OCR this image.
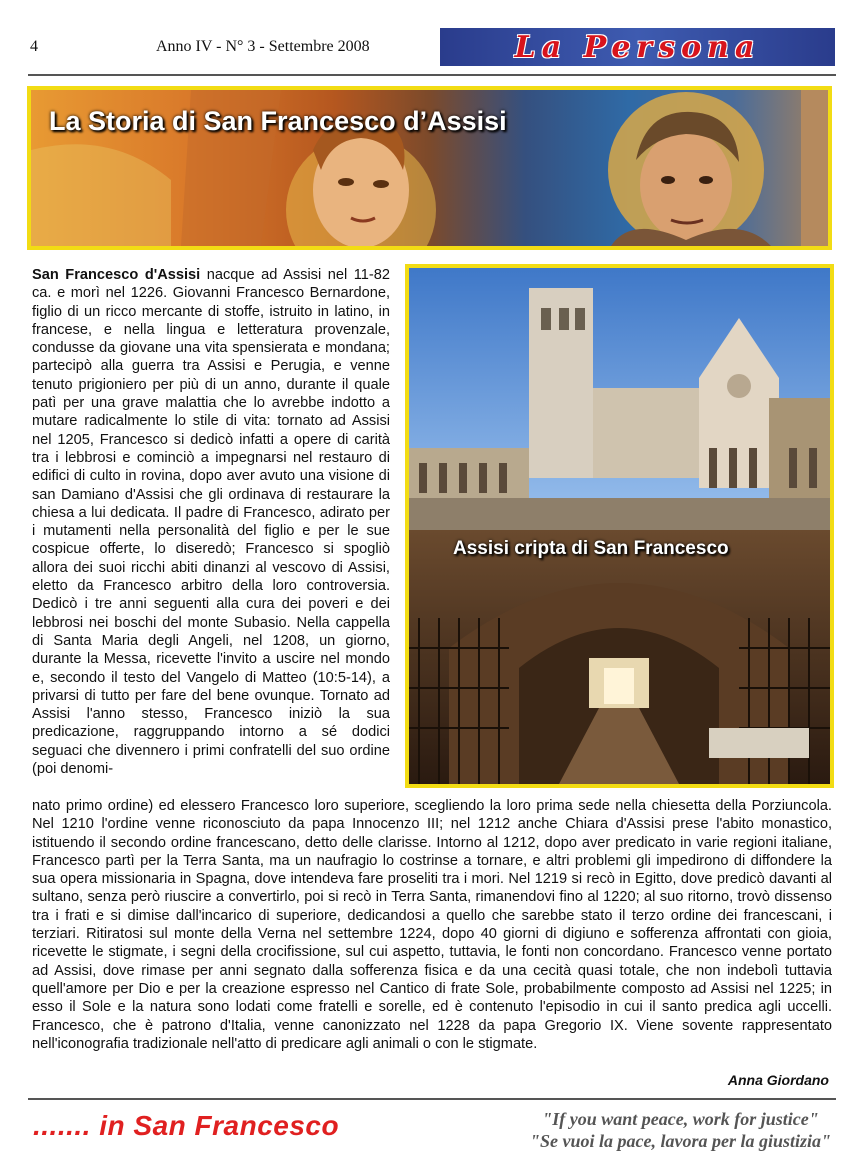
4	Anno IV - N° 3 - Settembre 2008	La Persona
La Storia di San Francesco d’Assisi
San Francesco d'Assisi nacque ad Assisi nel 11-82 ca. e morì nel 1226. Giovanni Francesco Bernardone, figlio di un ricco mercante di stoffe, istruito in latino, in francese, e nella lingua e letteratura provenzale, condusse da giovane una vita spensierata e mondana; partecipò alla guerra tra Assisi e Perugia, e venne tenuto prigioniero per più di un anno, durante il quale patì per una grave malattia che lo avrebbe indotto a mutare radicalmente lo stile di vita: tornato ad Assisi nel 1205, Francesco si dedicò infatti a opere di carità tra i lebbrosi e cominciò a impegnarsi nel restauro di edifici di culto in rovina, dopo aver avuto una visione di san Damiano d'Assisi che gli ordinava di restaurare la chiesa a lui dedicata. Il padre di Francesco, adirato per i mutamenti nella personalità del figlio e per le sue cospicue offerte, lo diseredò; Francesco si spogliò allora dei suoi ricchi abiti dinanzi al vescovo di Assisi, eletto da Francesco arbitro della loro controversia. Dedicò i tre anni seguenti alla cura dei poveri e dei lebbrosi nei boschi del monte Subasio. Nella cappella di Santa Maria degli Angeli, nel 1208, un giorno, durante la Messa, ricevette l'invito a uscire nel mondo e, secondo il testo del Vangelo di Matteo (10:5-14), a privarsi di tutto per fare del bene ovunque. Tornato ad Assisi l'anno stesso, Francesco iniziò la sua predicazione, raggruppando intorno a sé dodici seguaci che divennero i primi confratelli del suo ordine (poi denomi-
Assisi cripta di San Francesco
nato primo ordine) ed elessero Francesco loro superiore, scegliendo la loro prima sede nella chiesetta della Porziuncola. Nel 1210 l'ordine venne riconosciuto da papa Innocenzo III; nel 1212 anche Chiara d'Assisi prese l'abito monastico, istituendo il secondo ordine francescano, detto delle clarisse. Intorno al 1212, dopo aver predicato in varie regioni italiane, Francesco partì per la Terra Santa, ma un naufragio lo costrinse a tornare, e altri problemi gli impedirono di diffondere la sua opera missionaria in Spagna, dove intendeva fare proseliti tra i mori. Nel 1219 si recò in Egitto, dove predicò davanti al sultano, senza però riuscire a convertirlo, poi si recò in Terra Santa, rimanendovi fino al 1220; al suo ritorno, trovò dissenso tra i frati e si dimise dall'incarico di superiore, dedicandosi a quello che sarebbe stato il terzo ordine dei francescani, i terziari. Ritiratosi sul monte della Verna nel settembre 1224, dopo 40 giorni di digiuno e sofferenza affrontati con gioia, ricevette le stigmate, i segni della crocifissione, sul cui aspetto, tuttavia, le fonti non concordano. Francesco venne portato ad Assisi, dove rimase per anni segnato dalla sofferenza fisica e da una cecità quasi totale, che non indebolì tuttavia quell'amore per Dio e per la creazione espresso nel Cantico di frate Sole, probabilmente composto ad Assisi nel 1225; in esso il Sole e la natura sono lodati come fratelli e sorelle, ed è contenuto l'episodio in cui il santo predica agli uccelli. Francesco, che è patrono d'Italia, venne canonizzato nel 1228 da papa Gregorio IX. Viene sovente rappresentato nell'iconografia tradizionale nell'atto di predicare agli animali o con le stigmate.
Anna Giordano
....... in San Francesco	"If you want peace, work for justice"
"Se vuoi la pace, lavora per la giustizia"
